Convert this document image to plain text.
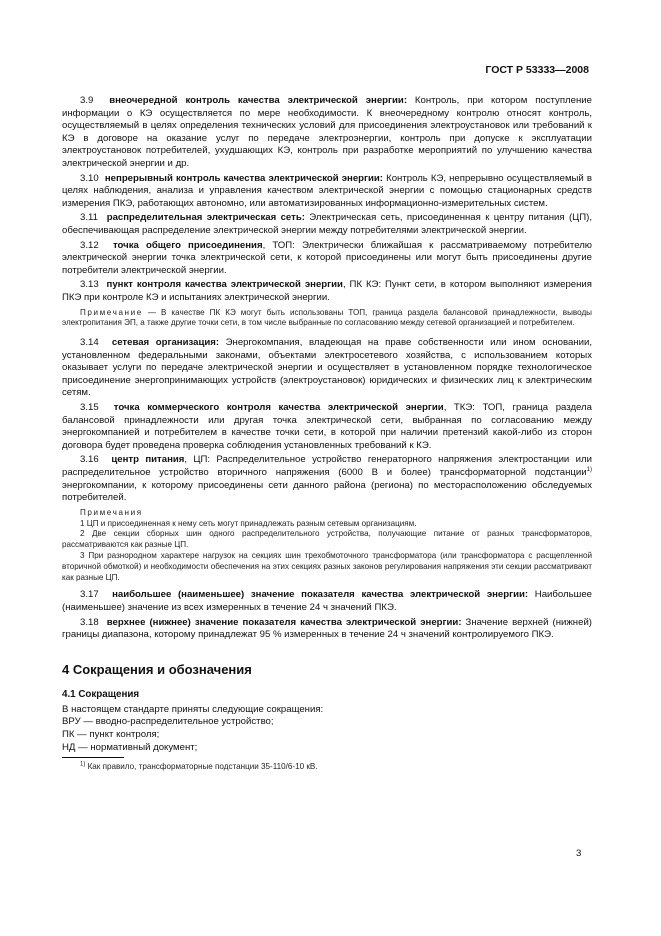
ГОСТ Р 53333—2008

3.9 внеочередной контроль качества электрической энергии: Контроль, при котором поступление информации о КЭ осуществляется по мере необходимости. К внеочередному контролю относят контроль, осуществляемый в целях определения технических условий для присоединения электроустановок или требований к КЭ в договоре на оказание услуг по передаче электроэнергии, контроль при допуске к эксплуатации электроустановок потребителей, ухудшающих КЭ, контроль при разработке мероприятий по улучшению качества электрической энергии и др.

3.10 непрерывный контроль качества электрической энергии: Контроль КЭ, непрерывно осуществляемый в целях наблюдения, анализа и управления качеством электрической энергии с помощью стационарных средств измерения ПКЭ, работающих автономно, или автоматизированных информационно-измерительных систем.

3.11 распределительная электрическая сеть: Электрическая сеть, присоединенная к центру питания (ЦП), обеспечивающая распределение электрической энергии между потребителями электрической энергии.

3.12 точка общего присоединения, ТОП: Электрически ближайшая к рассматриваемому потребителю электрической энергии точка электрической сети, к которой присоединены или могут быть присоединены другие потребители электрической энергии.

3.13 пункт контроля качества электрической энергии, ПК КЭ: Пункт сети, в котором выполняют измерения ПКЭ при контроле КЭ и испытаниях электрической энергии.

Примечание — В качестве ПК КЭ могут быть использованы ТОП, граница раздела балансовой принадлежности, выводы электропитания ЭП, а также другие точки сети, в том числе выбранные по согласованию между сетевой организацией и потребителем.

3.14 сетевая организация: Энергокомпания, владеющая на праве собственности или ином основании, установленном федеральными законами, объектами электросетевого хозяйства, с использованием которых оказывает услуги по передаче электрической энергии и осуществляет в установленном порядке технологическое присоединение энергопринимающих устройств (электроустановок) юридических и физических лиц к электрическим сетям.

3.15 точка коммерческого контроля качества электрической энергии, ТКЭ: ТОП, граница раздела балансовой принадлежности или другая точка электрической сети, выбранная по согласованию между энергокомпанией и потребителем в качестве точки сети, в которой при наличии претензий какой-либо из сторон договора будет проведена проверка соблюдения установленных требований к КЭ.

3.16 центр питания, ЦП: Распределительное устройство генераторного напряжения электростанции или распределительное устройство вторичного напряжения (6000 В и более) трансформаторной подстанции$^{1)}$ энергокомпании, к которому присоединены сети данного района (региона) по месторасположению обследуемых потребителей.

Примечания

1 ЦП и присоединенная к нему сеть могут принадлежать разным сетевым организациям.

2 Две секции сборных шин одного распределительного устройства, получающие питание от разных трансформаторов, рассматриваются как разные ЦП.

3 При разнородном характере нагрузок на секциях шин трехобмоточного трансформатора (или трансформатора с расщепленной вторичной обмоткой) и необходимости обеспечения на этих секциях разных законов регулирования напряжения эти секции рассматривают как разные ЦП.

3.17 наибольшее (наименьшее) значение показателя качества электрической энергии: Наибольшее (наименьшее) значение из всех измеренных в течение 24 ч значений ПКЭ.

3.18 верхнее (нижнее) значение показателя качества электрической энергии: Значение верхней (нижней) границы диапазона, которому принадлежат 95 % измеренных в течение 24 ч значений контролируемого ПКЭ.

4 Сокращения и обозначения
4.1 Сокращения

В настоящем стандарте приняты следующие сокращения:

ВРУ — вводно-распределительное устройство;

ПК — пункт контроля;

НД — нормативный документ;

$^{1)}$ Как правило, трансформаторные подстанции 35-110/6-10 кВ.

3
